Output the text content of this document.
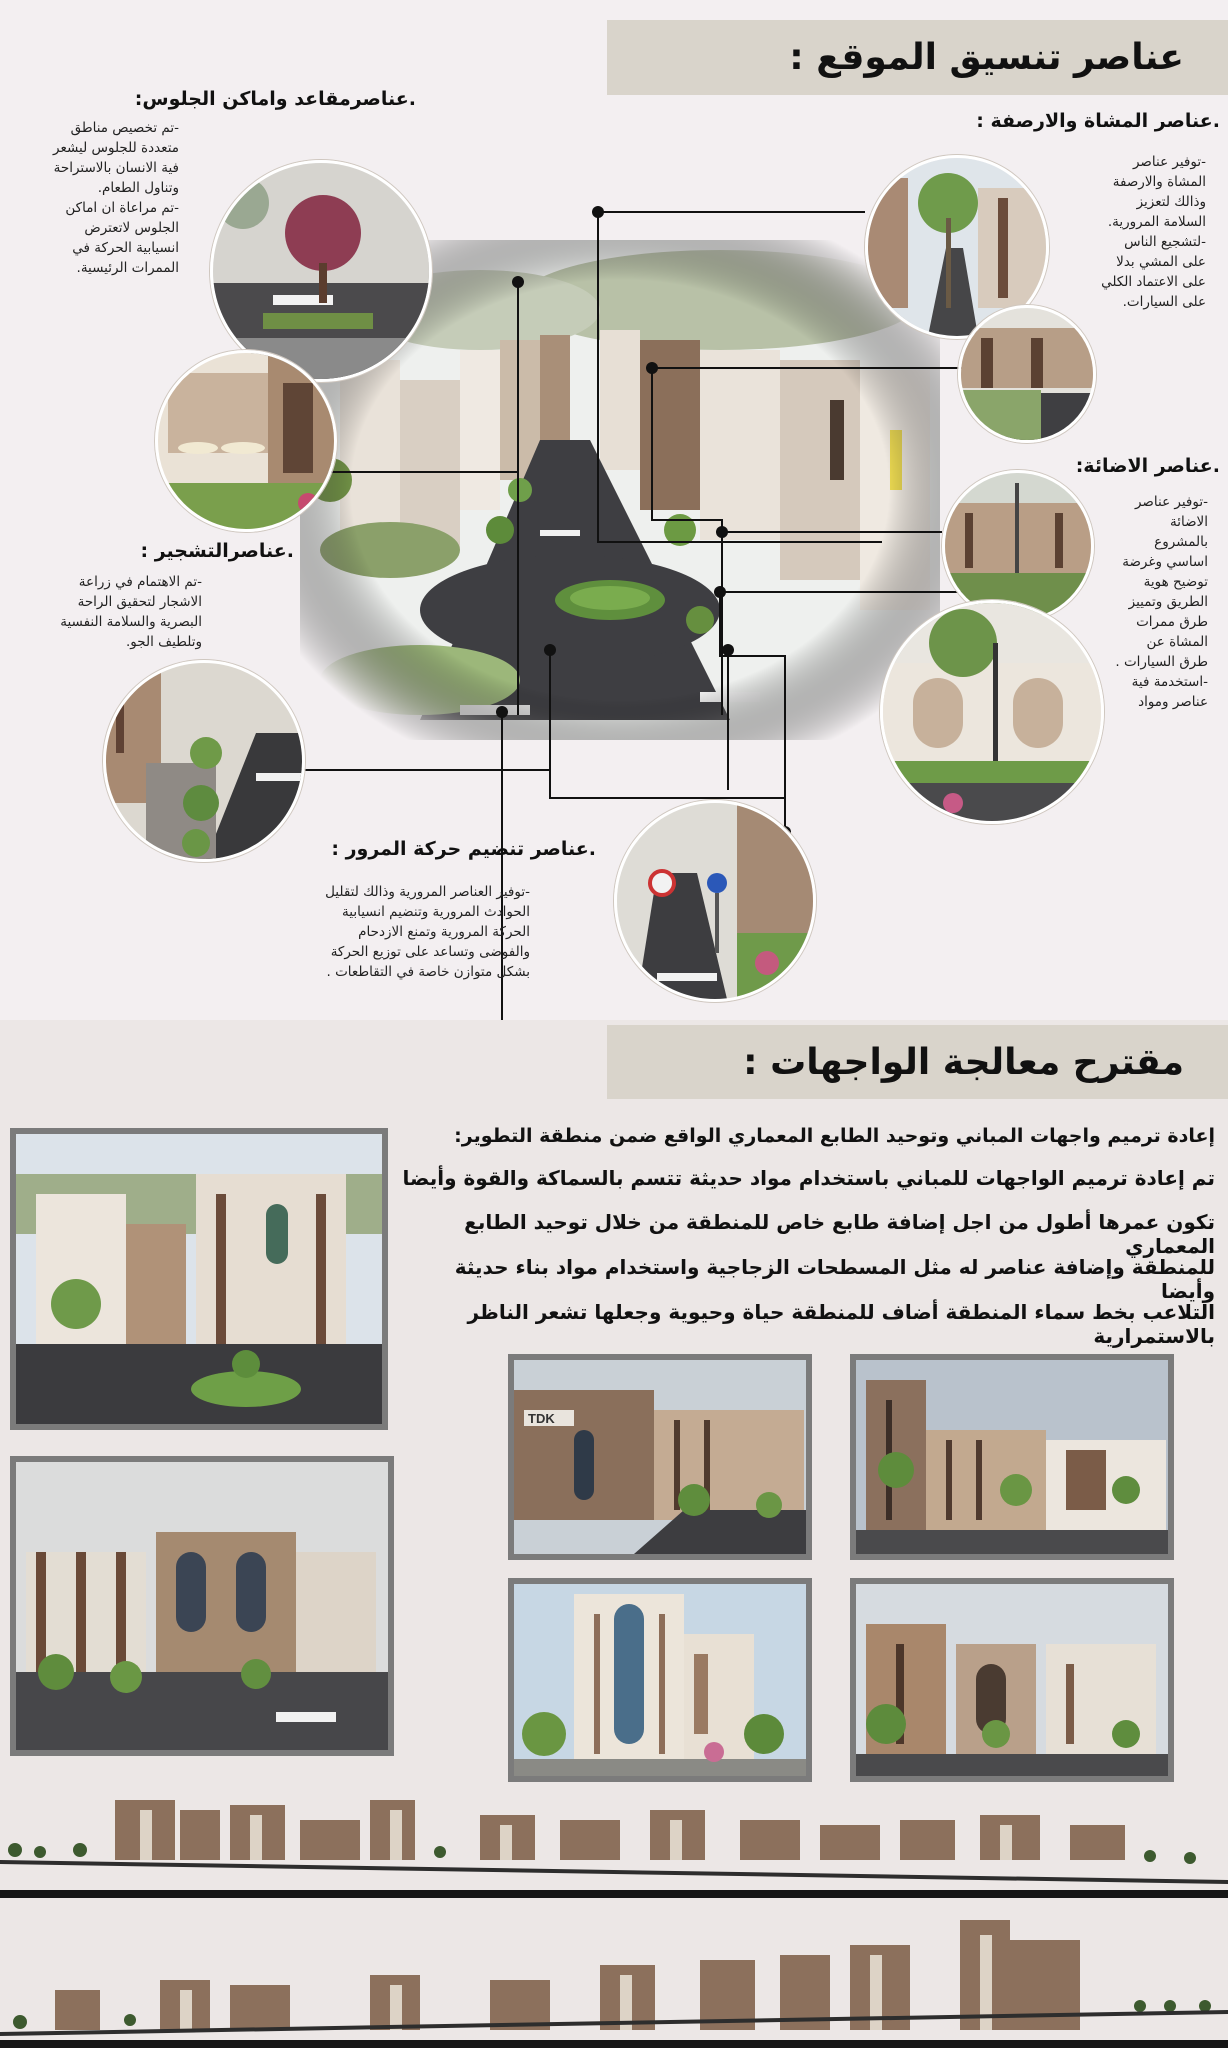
عناصر تنسيق الموقع :
.عناصر المشاة والارصفة :
-توفير عناصر
المشاة والارصفة
وذالك لتعزيز
السلامة المرورية.
-لتشجيع الناس
على المشي بدلا
على الاعتماد الكلي
على السيارات.
.عناصرمقاعد واماكن الجلوس:
-تم تخصيص مناطق
متعددة للجلوس ليشعر
فية الانسان بالاستراحة
وتناول الطعام.
-تم مراعاة ان اماكن
الجلوس لاتعترض
انسيابية الحركة في
الممرات الرئيسية.
.عناصر الاضائة:
-توفير عناصر
الاضائة
بالمشروع
اساسي وغرضة
توضيح هوية
الطريق وتمييز
طرق ممرات
المشاة عن
طرق السيارات .
-استخدمة فية
عناصر ومواد
.عناصرالتشجير :
-تم الاهتمام في زراعة
الاشجار لتحقيق الراحة
البصرية والسلامة النفسية
وتلطيف الجو.
.عناصر تنضيم حركة المرور :
-توفير العناصر المرورية وذالك لتقليل
الحوادث المرورية وتنضيم انسيابية
الحركة المرورية وتمنع الازدحام
والفوضى وتساعد على توزيع الحركة
بشكل متوازن خاصة في التقاطعات .
مقترح معالجة الواجهات :
إعادة ترميم واجهات المباني وتوحيد الطابع المعماري الواقع ضمن منطقة التطوير:
تم إعادة ترميم الواجهات للمباني باستخدام مواد حديثة تتسم بالسماكة والقوة وأيضا
تكون عمرها أطول من اجل إضافة طابع خاص للمنطقة من خلال توحيد الطابع المعماري
للمنطقة وإضافة عناصر له مثل المسطحات الزجاجية واستخدام مواد بناء حديثة وأيضا
التلاعب بخط سماء المنطقة أضاف للمنطقة حياة وحيوية وجعلها تشعر الناظر بالاستمرارية
TDK
